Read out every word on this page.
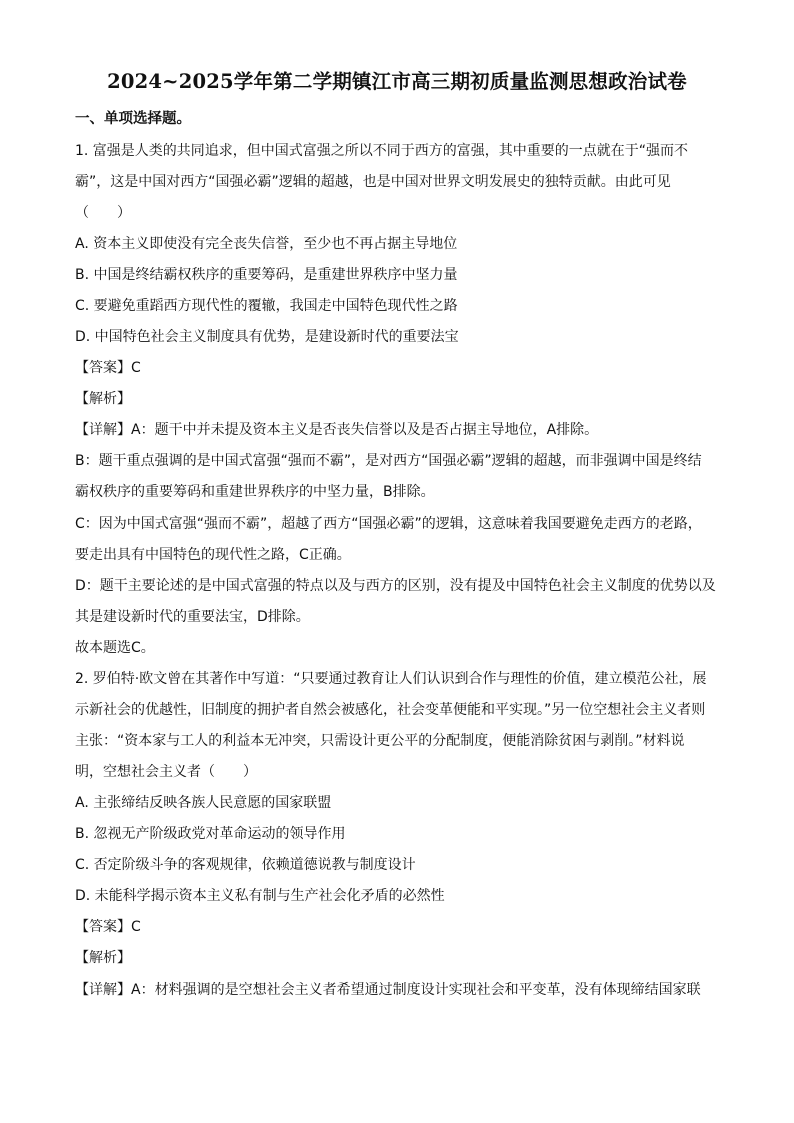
2024~2025学年第二学期镇江市高三期初质量监测思想政治试卷
一、单项选择题。
1. 富强是人类的共同追求，但中国式富强之所以不同于西方的富强，其中重要的一点就在于“强而不
霸”，这是中国对西方“国强必霸”逻辑的超越，也是中国对世界文明发展史的独特贡献。由此可见
（　　）
A. 资本主义即使没有完全丧失信誉，至少也不再占据主导地位
B. 中国是终结霸权秩序的重要筹码，是重建世界秩序中坚力量
C. 要避免重蹈西方现代性的覆辙，我国走中国特色现代性之路
D. 中国特色社会主义制度具有优势，是建设新时代的重要法宝
【答案】C
【解析】
【详解】A：题干中并未提及资本主义是否丧失信誉以及是否占据主导地位，A排除。
B：题干重点强调的是中国式富强“强而不霸”，是对西方“国强必霸”逻辑的超越，而非强调中国是终结
霸权秩序的重要筹码和重建世界秩序的中坚力量，B排除。
C：因为中国式富强“强而不霸”，超越了西方“国强必霸”的逻辑，这意味着我国要避免走西方的老路，
要走出具有中国特色的现代性之路，C正确。
D：题干主要论述的是中国式富强的特点以及与西方的区别，没有提及中国特色社会主义制度的优势以及
其是建设新时代的重要法宝，D排除。
故本题选C。
2. 罗伯特·欧文曾在其著作中写道：“只要通过教育让人们认识到合作与理性的价值，建立模范公社，展
示新社会的优越性，旧制度的拥护者自然会被感化，社会变革便能和平实现。”另一位空想社会主义者则
主张：“资本家与工人的利益本无冲突，只需设计更公平的分配制度，便能消除贫困与剥削。”材料说
明，空想社会主义者（　　）
A. 主张缔结反映各族人民意愿的国家联盟
B. 忽视无产阶级政党对革命运动的领导作用
C. 否定阶级斗争的客观规律，依赖道德说教与制度设计
D. 未能科学揭示资本主义私有制与生产社会化矛盾的必然性
【答案】C
【解析】
【详解】A：材料强调的是空想社会主义者希望通过制度设计实现社会和平变革，没有体现缔结国家联
